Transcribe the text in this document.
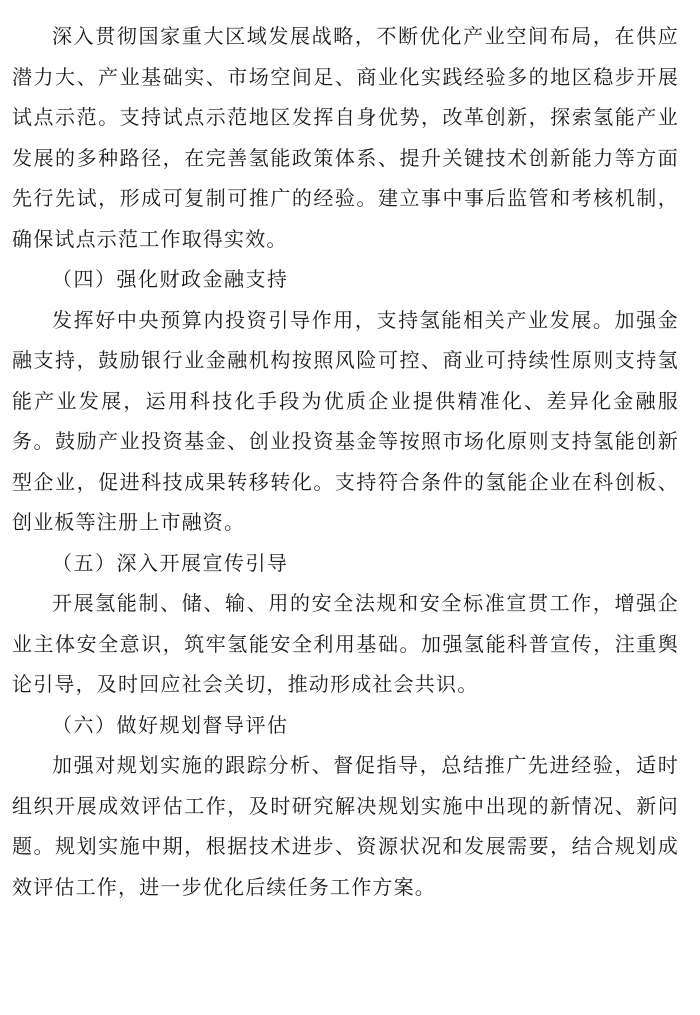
深入贯彻国家重大区域发展战略，不断优化产业空间布局，在供应潜力大、产业基础实、市场空间足、商业化实践经验多的地区稳步开展试点示范。支持试点示范地区发挥自身优势，改革创新，探索氢能产业发展的多种路径，在完善氢能政策体系、提升关键技术创新能力等方面先行先试，形成可复制可推广的经验。建立事中事后监管和考核机制，确保试点示范工作取得实效。

（四）强化财政金融支持

发挥好中央预算内投资引导作用，支持氢能相关产业发展。加强金融支持，鼓励银行业金融机构按照风险可控、商业可持续性原则支持氢能产业发展，运用科技化手段为优质企业提供精准化、差异化金融服务。鼓励产业投资基金、创业投资基金等按照市场化原则支持氢能创新型企业，促进科技成果转移转化。支持符合条件的氢能企业在科创板、创业板等注册上市融资。

（五）深入开展宣传引导

开展氢能制、储、输、用的安全法规和安全标准宣贯工作，增强企业主体安全意识，筑牢氢能安全利用基础。加强氢能科普宣传，注重舆论引导，及时回应社会关切，推动形成社会共识。

（六）做好规划督导评估

加强对规划实施的跟踪分析、督促指导，总结推广先进经验，适时组织开展成效评估工作，及时研究解决规划实施中出现的新情况、新问题。规划实施中期，根据技术进步、资源状况和发展需要，结合规划成效评估工作，进一步优化后续任务工作方案。
